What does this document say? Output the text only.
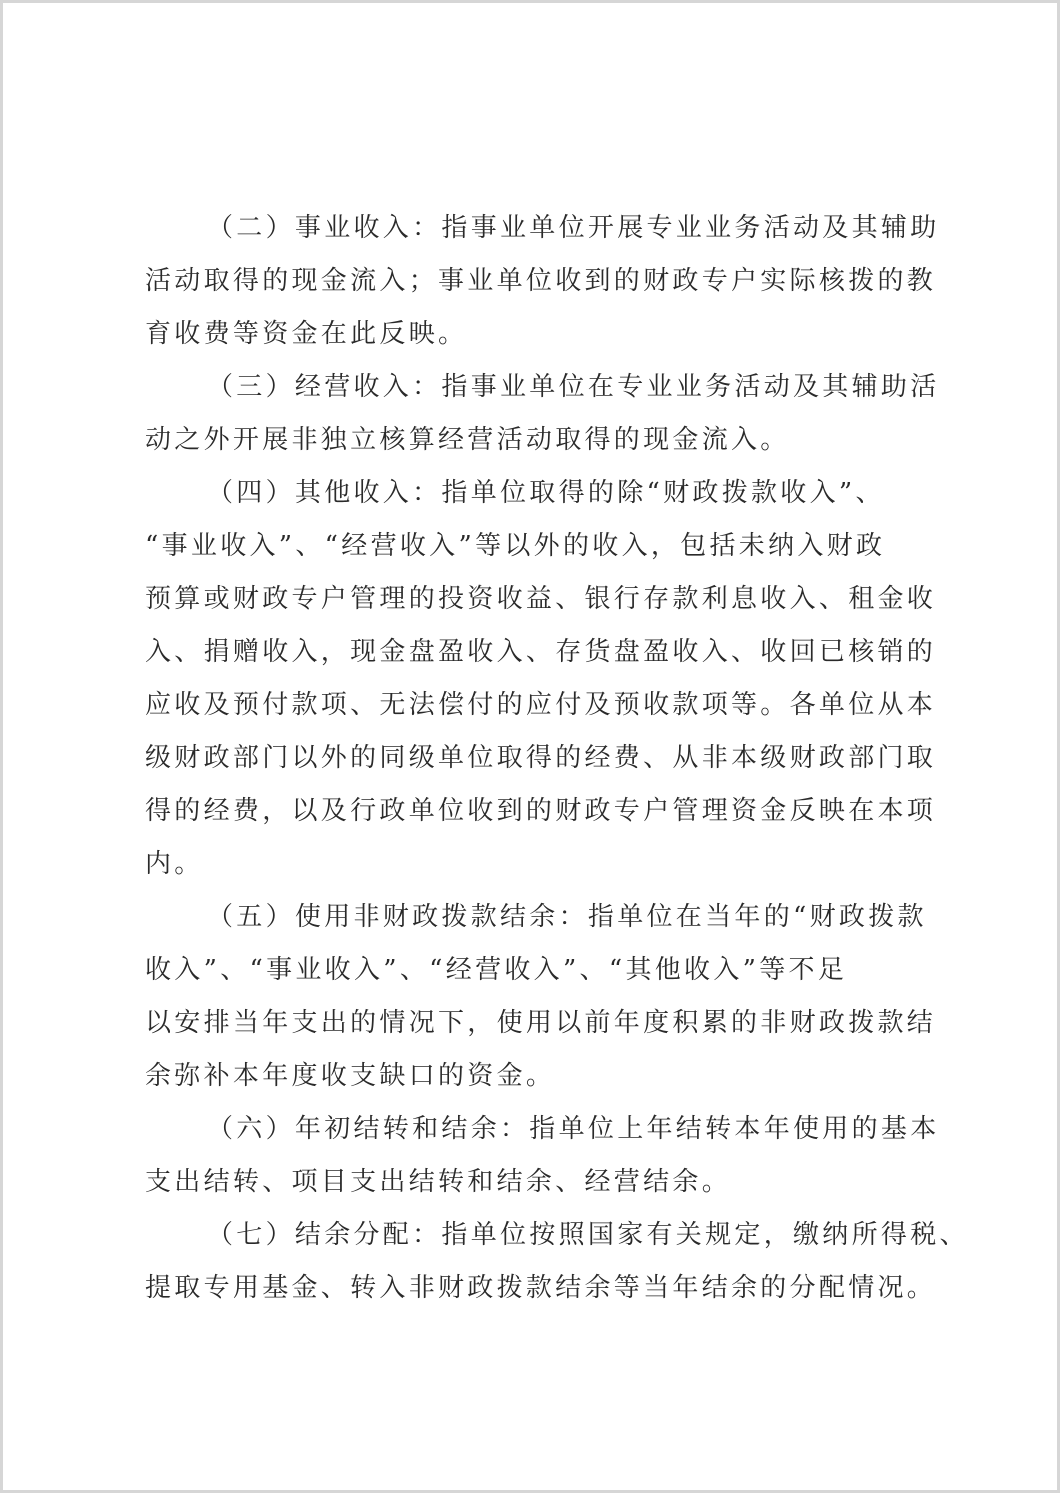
（二）事业收入：指事业单位开展专业业务活动及其辅助
活动取得的现金流入；事业单位收到的财政专户实际核拨的教
育收费等资金在此反映。
（三）经营收入：指事业单位在专业业务活动及其辅助活
动之外开展非独立核算经营活动取得的现金流入。
（四）其他收入：指单位取得的除“财政拨款收入”、
“事业收入”、“经营收入”等以外的收入，包括未纳入财政
预算或财政专户管理的投资收益、银行存款利息收入、租金收
入、捐赠收入，现金盘盈收入、存货盘盈收入、收回已核销的
应收及预付款项、无法偿付的应付及预收款项等。各单位从本
级财政部门以外的同级单位取得的经费、从非本级财政部门取
得的经费，以及行政单位收到的财政专户管理资金反映在本项
内。
（五）使用非财政拨款结余：指单位在当年的“财政拨款
收入”、“事业收入”、“经营收入”、“其他收入”等不足
以安排当年支出的情况下，使用以前年度积累的非财政拨款结
余弥补本年度收支缺口的资金。
（六）年初结转和结余：指单位上年结转本年使用的基本
支出结转、项目支出结转和结余、经营结余。
（七）结余分配：指单位按照国家有关规定，缴纳所得税、
提取专用基金、转入非财政拨款结余等当年结余的分配情况。
